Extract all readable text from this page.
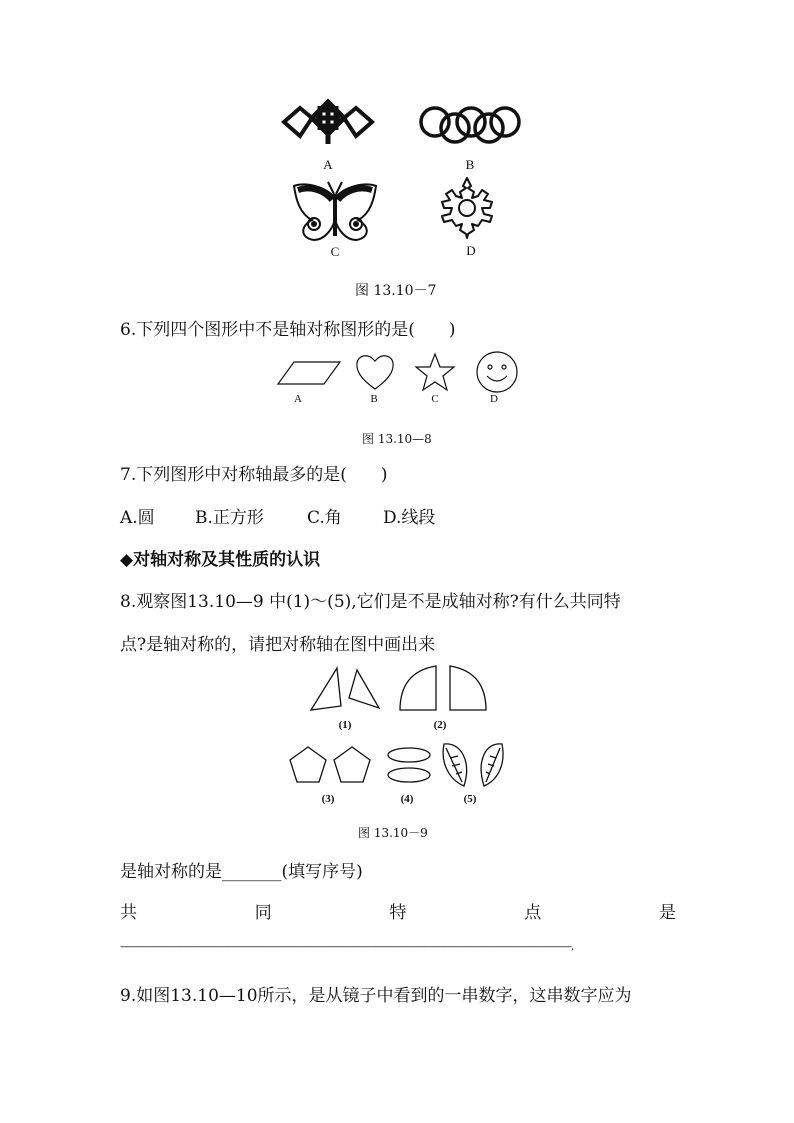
A	B
C	D
图 13.10－7
6.下列四个图形中不是轴对称图形的是(　　)
A	B	C	D
图 13.10—8
7.下列图形中对称轴最多的是(　　)
A.圆 B.正方形	C.角 D.线段
◆对轴对称及其性质的认识
8.观察图13.10—9 中(1)～(5),它们是不是成轴对称?有什么共同特
点?是轴对称的，请把对称轴在图中画出来
(1)	(2)
(3)	(4)	(5)
图 13.10－9
是轴对称的是_______(填写序号)
共	同	特	点	是
——————————————————————————————————————————————.
9.如图13.10—10所示，是从镜子中看到的一串数字，这串数字应为
